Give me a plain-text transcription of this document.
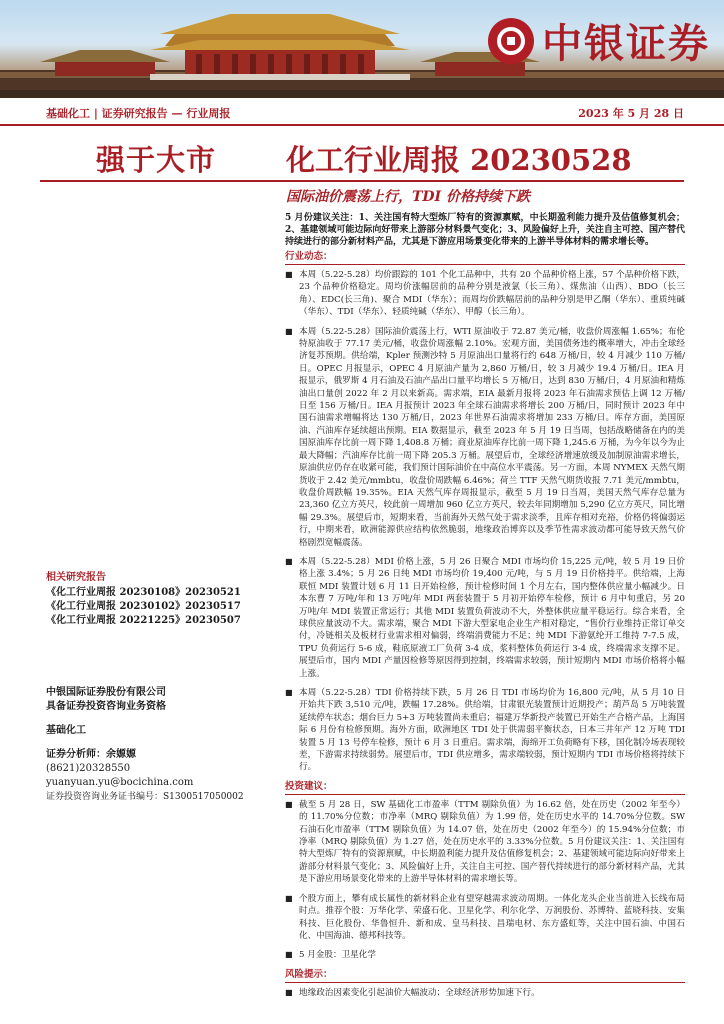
中银证券
基础化工 | 证券研究报告 — 行业周报	2023 年 5 月 28 日
强于大市 化工行业周报 20230528
国际油价震荡上行，TDI 价格持续下跌
相关研究报告
《化工行业周报 20230108》20230521
《化工行业周报 20230102》20230517
《化工行业周报 20221225》20230507
中银国际证券股份有限公司
具备证券投资咨询业务资格
基础化工
证券分析师：余嫄嫄
(8621)20328550
yuanyuan.yu@bocichina.com
证券投资咨询业务证书编号：S1300517050002

5 月份建议关注：1、关注国有特大型炼厂特有的资源禀赋，中长期盈利能力提升及估值修复机会；2、基建领域可能边际向好带来上游部分材料景气变化；3、风险偏好上升，关注自主可控、国产替代持续进行的部分新材料产品，尤其是下游应用场景变化带来的上游半导体材料的需求增长等。

行业动态：
■ 本周（5.22-5.28）均价跟踪的 101 个化工品种中，共有 20 个品种价格上涨，57 个品种价格下跌，23 个品种价格稳定。周均价涨幅居前的品种分别是液氯（长三角）、煤焦油（山西）、BDO（长三角）、EDC(长三角)、聚合 MDI（华东）；而周均价跌幅居前的品种分别是甲乙酮（华东）、重质纯碱（华东）、TDI（华东）、轻质纯碱（华东）、甲醇（长三角）。
■ 本周（5.22-5.28）国际油价震荡上行，WTI 原油收于 72.87 美元/桶，收盘价周涨幅 1.65%；布伦特原油收于 77.17 美元/桶，收盘价周涨幅 2.10%。宏观方面，美国债务违约概率增大，冲击全球经济复苏预期。供给端，Kpler 预测沙特 5 月原油出口量将行约 648 万桶/日，较 4 月减少 110 万桶/日。OPEC 月报显示，OPEC 4 月原油产量为 2,860 万桶/日，较 3 月减少 19.4 万桶/日。IEA 月报显示，俄罗斯 4 月石油及石油产品出口量平均增长 5 万桶/日，达到 830 万桶/日，4 月原油和精炼油出口量创 2022 年 2 月以来新高。需求端，EIA 最新月报将 2023 年石油需求预估上调 12 万桶/日至 156 万桶/日。IEA 月报预计 2023 年全球石油需求将增长 200 万桶/日，同时预计 2023 年中国石油需求增幅将达 130 万桶/日，2023 年世界石油需求将增加 233 万桶/日。库存方面，美国原油、汽油库存延续超出预期。EIA 数据显示，截至 2023 年 5 月 19 日当周，包括战略储备在内的美国原油库存比前一周下降 1,408.8 万桶；商业原油库存比前一周下降 1,245.6 万桶，为今年以今为止最大降幅；汽油库存比前一周下降 205.3 万桶。展望后市，全球经济增速放缓及加制原油需求增长，原油供应仍存在收紧可能，我们预计国际油价在中高位水平震荡。另一方面，本周 NYMEX 天然气期货收于 2.42 美元/mmbtu，收盘价周跌幅 6.46%；荷兰 TTF 天然气期货收报 7.71 美元/mmbtu，收盘价周跌幅 19.35%。EIA 天然气库存周报显示，截至 5 月 19 日当周，美国天然气库存总量为 23,360 亿立方英尺，较此前一周增加 960 亿立方英尺，较去年同期增加 5,290 亿立方英尺，同比增幅 29.3%。展望后市，短期来看，当前海外天然气处于需求淡季，且库存相对充裕，价格仍将偏弱运行，中期来看，欧洲能源供应结构依然脆弱，地缘政治博弈以及季节性需求波动都可能导致天然气价格剧烈宽幅震荡。
■ 本周（5.22-5.28）MDI 价格上涨，5 月 26 日聚合 MDI 市场均价 15,225 元/吨，较 5 月 19 日价格上涨 3.4%；5 月 26 日纯 MDI 市场均价 19,400 元/吨，与 5 月 19 日价格持平。供给端，上海联恒 MDI 装置计划 6 月 11 日开始检修，预计检修时间 1 个月左右，国内整体供应量小幅减少。日本东曹 7 万吨/年和 13 万吨/年 MDI 两套装置于 5 月初开始停车检修，预计 6 月中旬重启，另 20 万吨/年 MDI 装置正常运行；其他 MDI 装置负荷波动不大，外整体供应量平稳运行。综合来看，全球供应量波动不大。需求端，聚合 MDI 下游大型家电企业生产相对稳定，“售价行业维持正常订单交付，冷链相关及板材行业需求相对偏弱，终端消费能力不足；纯 MDI 下游氨纶开工维持 7-7.5 成，TPU 负荷运行 5-6 成，鞋底原液工厂负荷 3-4 成，浆料整体负荷运行 3-4 成，终端需求支撑不足。展望后市，国内 MDI 产量因检修等原因得到控制，终端需求较弱，预计短期内 MDI 市场价格将小幅上涨。
■ 本周（5.22-5.28）TDI 价格持续下跌，5 月 26 日 TDI 市场均价为 16,800 元/吨，从 5 月 10 日开始共下跌 3,510 元/吨，跌幅 17.28%。供给端，甘肃银光装置预计近期投产；葫芦岛 5 万吨装置延续停车状态；烟台巨力 5+3 万吨装置尚未重启；福建万华新投产装置已开始生产合格产品，上海国际 6 月份有检修预期。海外方面，欧洲地区 TDI 处于供需弱平衡状态，日本三井年产 12 万吨 TDI 装置 5 月 13 号停车检修，预计 6 月 3 日重启。需求端，海绵开工负荷略有下移，国化制冷场表现较差，下游需求持续弱势。展望后市，TDI 供应增多，需求端较弱，预计短期内 TDI 市场价格将持续下行。
投资建议：
■ 截至 5 月 28 日，SW 基础化工市盈率（TTM 剔除负值）为 16.62 倍，处在历史（2002 年至今）的 11.70%分位数；市净率（MRQ 剔除负值）为 1.99 倍，处在历史水平的 14.70%分位数。SW 石油石化市盈率（TTM 剔除负值）为 14.07 倍，处在历史（2002 年至今）的 15.94%分位数；市净率（MRQ 剔除负值）为 1.27 倍，处在历史水平的 3.33%分位数。5 月份建议关注：1、关注国有特大型炼厂特有的资源禀赋，中长期盈利能力提升及估值修复机会；2、基建领域可能边际向好带来上游部分材料景气变化；3、风险偏好上升，关注自主可控、国产替代持续进行的部分新材料产品，尤其是下游应用场景变化带来的上游半导体材料的需求增长等。
■ 个股方面上，攀有成长属性的新材料企业有望穿越需求波动周期。一体化龙头企业当前进入长线布局时点。推荐个股：万华化学、荣盛石化、卫星化学、利尔化学、万润股份、苏博特、蓝晓科技、安集科技、巨化股份、华鲁恒升、新和成、皇马科技、昌瑞电材、东方盛虹等，关注中国石油、中国石化、中国海油、德邦科技等。
■ 5 月金股：卫星化学
风险提示：
■ 地缘政治因素变化引起油价大幅波动；全球经济形势加速下行。
